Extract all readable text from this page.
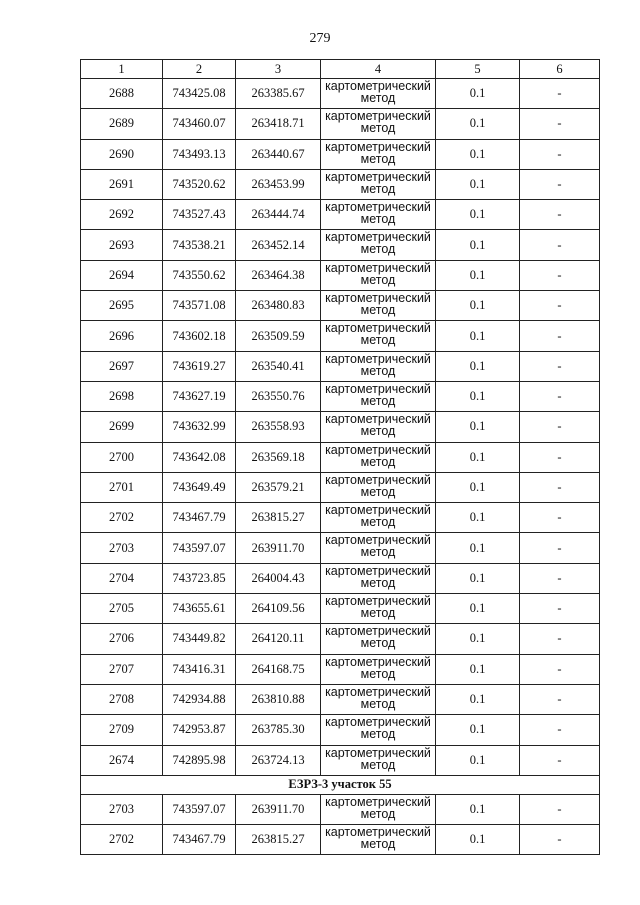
279
1	2	3	4	5	6
2688	743425.08	263385.67	картометрический метод	0.1	-
2689	743460.07	263418.71	картометрический метод	0.1	-
2690	743493.13	263440.67	картометрический метод	0.1	-
2691	743520.62	263453.99	картометрический метод	0.1	-
2692	743527.43	263444.74	картометрический метод	0.1	-
2693	743538.21	263452.14	картометрический метод	0.1	-
2694	743550.62	263464.38	картометрический метод	0.1	-
2695	743571.08	263480.83	картометрический метод	0.1	-
2696	743602.18	263509.59	картометрический метод	0.1	-
2697	743619.27	263540.41	картометрический метод	0.1	-
2698	743627.19	263550.76	картометрический метод	0.1	-
2699	743632.99	263558.93	картометрический метод	0.1	-
2700	743642.08	263569.18	картометрический метод	0.1	-
2701	743649.49	263579.21	картометрический метод	0.1	-
2702	743467.79	263815.27	картометрический метод	0.1	-
2703	743597.07	263911.70	картометрический метод	0.1	-
2704	743723.85	264004.43	картометрический метод	0.1	-
2705	743655.61	264109.56	картометрический метод	0.1	-
2706	743449.82	264120.11	картометрический метод	0.1	-
2707	743416.31	264168.75	картометрический метод	0.1	-
2708	742934.88	263810.88	картометрический метод	0.1	-
2709	742953.87	263785.30	картометрический метод	0.1	-
2674	742895.98	263724.13	картометрический метод	0.1	-
ЕЗРЗ-3 участок 55					
2703	743597.07	263911.70	картометрический метод	0.1	-
2702	743467.79	263815.27	картометрический метод	0.1	-
